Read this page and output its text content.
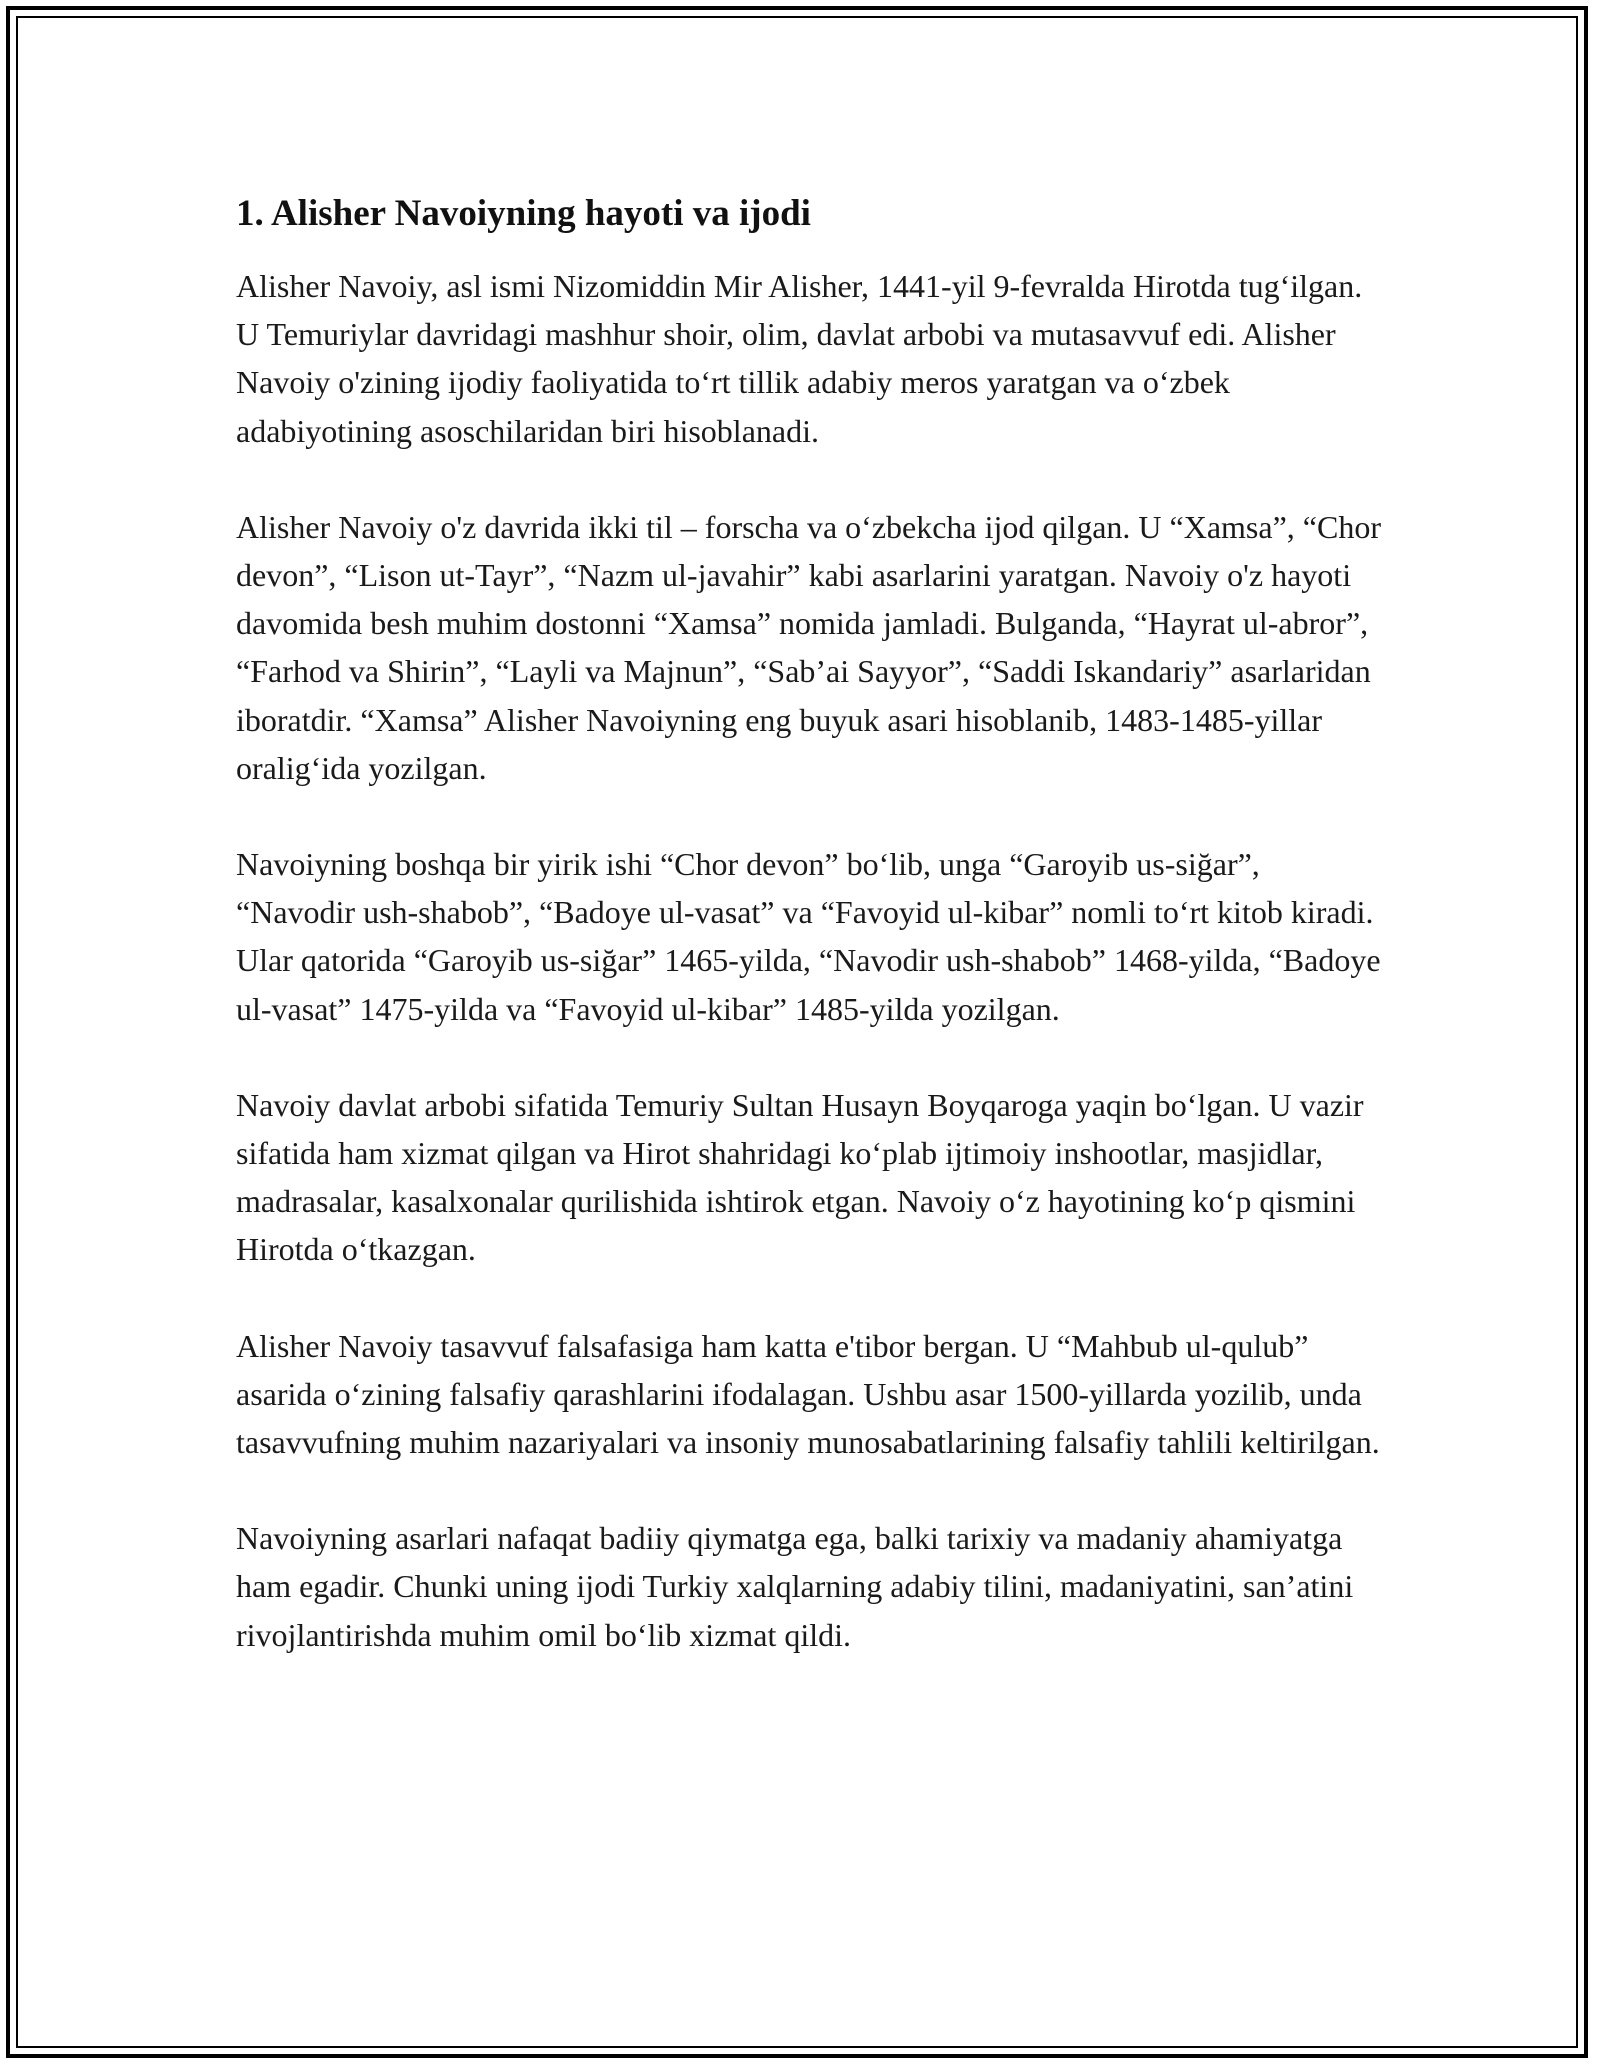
1. Alisher Navoiyning hayoti va ijodi

Alisher Navoiy, asl ismi Nizomiddin Mir Alisher, 1441-yil 9-fevralda Hirotda tug‘ilgan. U Temuriylar davridagi mashhur shoir, olim, davlat arbobi va mutasavvuf edi. Alisher Navoiy o'zining ijodiy faoliyatida to‘rt tillik adabiy meros yaratgan va o‘zbek adabiyotining asoschilaridan biri hisoblanadi.

Alisher Navoiy o'z davrida ikki til – forscha va o‘zbekcha ijod qilgan. U “Xamsa”, “Chor devon”, “Lison ut-Tayr”, “Nazm ul-javahir” kabi asarlarini yaratgan. Navoiy o'z hayoti davomida besh muhim dostonni “Xamsa” nomida jamladi. Bulganda, “Hayrat ul-abror”, “Farhod va Shirin”, “Layli va Majnun”, “Sab’ai Sayyor”, “Saddi Iskandariy” asarlaridan iboratdir. “Xamsa” Alisher Navoiyning eng buyuk asari hisoblanib, 1483-1485-yillar oralig‘ida yozilgan.

Navoiyning boshqa bir yirik ishi “Chor devon” bo‘lib, unga “Garoyib us-siğar”, “Navodir ush-shabob”, “Badoye ul-vasat” va “Favoyid ul-kibar” nomli to‘rt kitob kiradi. Ular qatorida “Garoyib us-siğar” 1465-yilda, “Navodir ush-shabob” 1468-yilda, “Badoye ul-vasat” 1475-yilda va “Favoyid ul-kibar” 1485-yilda yozilgan.

Navoiy davlat arbobi sifatida Temuriy Sultan Husayn Boyqaroga yaqin bo‘lgan. U vazir sifatida ham xizmat qilgan va Hirot shahridagi ko‘plab ijtimoiy inshootlar, masjidlar, madrasalar, kasalxonalar qurilishida ishtirok etgan. Navoiy o‘z hayotining ko‘p qismini Hirotda o‘tkazgan.

Alisher Navoiy tasavvuf falsafasiga ham katta e'tibor bergan. U “Mahbub ul-qulub” asarida o‘zining falsafiy qarashlarini ifodalagan. Ushbu asar 1500-yillarda yozilib, unda tasavvufning muhim nazariyalari va insoniy munosabatlarining falsafiy tahlili keltirilgan.

Navoiyning asarlari nafaqat badiiy qiymatga ega, balki tarixiy va madaniy ahamiyatga ham egadir. Chunki uning ijodi Turkiy xalqlarning adabiy tilini, madaniyatini, san’atini rivojlantirishda muhim omil bo‘lib xizmat qildi.
